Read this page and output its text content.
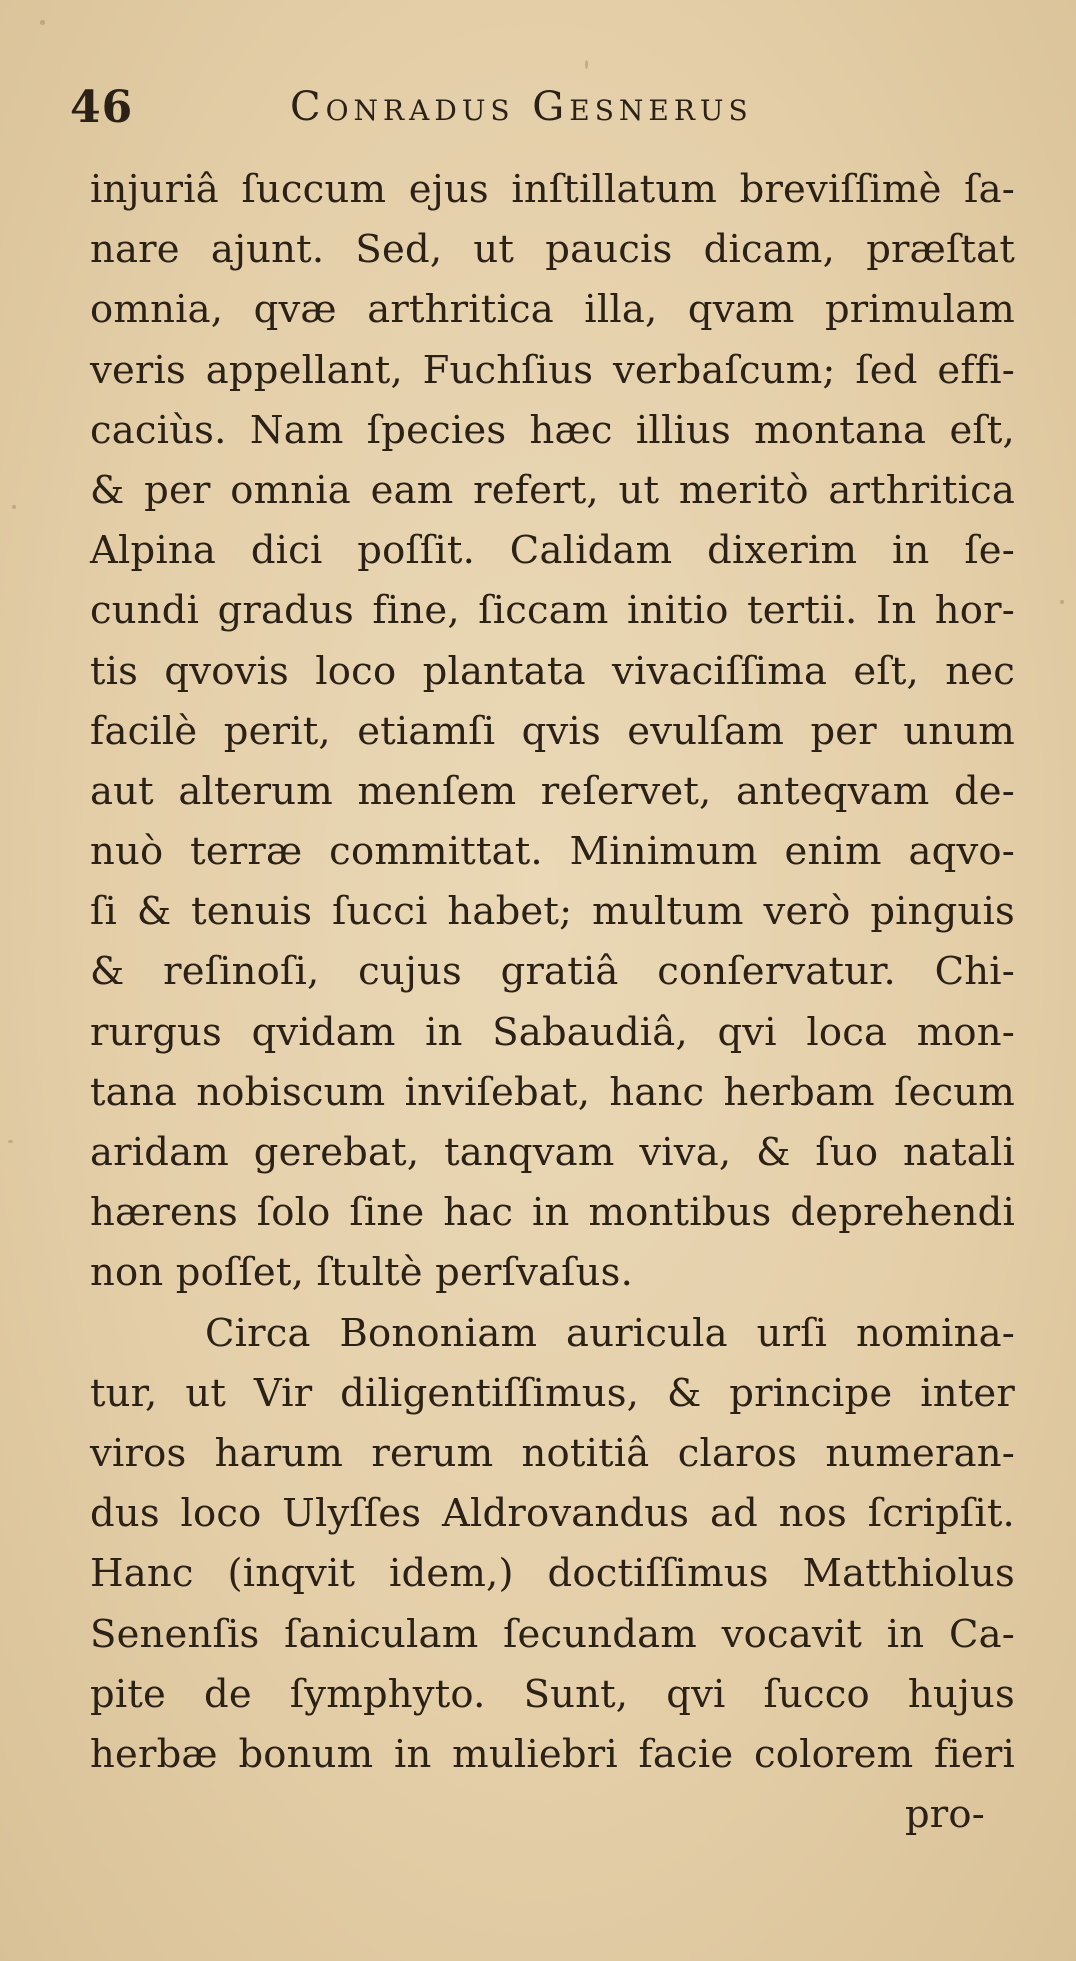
46	Conradus Gesnerus
injuriâ ſuccum ejus inſtillatum breviſſimè ſa-
nare ajunt. Sed, ut paucis dicam, præſtat
omnia, qvæ arthritica illa, qvam primulam
veris appellant, Fuchſius verbaſcum; ſed effi-
caciùs. Nam ſpecies hæc illius montana eſt,
& per omnia eam refert, ut meritò arthritica
Alpina dici poſſit. Calidam dixerim in ſe-
cundi gradus fine, ſiccam initio tertii. In hor-
tis qvovis loco plantata vivaciſſima eſt, nec
facilè perit, etiamſi qvis evulſam per unum
aut alterum menſem reſervet, anteqvam de-
nuò terræ committat. Minimum enim aqvo-
ſi & tenuis ſucci habet; multum verò pinguis
& reſinoſi, cujus gratiâ conſervatur. Chi-
rurgus qvidam in Sabaudiâ, qvi loca mon-
tana nobiscum inviſebat, hanc herbam ſecum
aridam gerebat, tanqvam viva, & ſuo natali
hærens ſolo ſine hac in montibus deprehendi
non poſſet, ſtultè perſvaſus.
Circa Bononiam auricula urſi nomina-
tur, ut Vir diligentiſſimus, & principe inter
viros harum rerum notitiâ claros numeran-
dus loco Ulyſſes Aldrovandus ad nos ſcripſit.
Hanc (inqvit idem,) doctiſſimus Matthiolus
Senenſis ſaniculam ſecundam vocavit in Ca-
pite de ſymphyto. Sunt, qvi ſucco hujus
herbæ bonum in muliebri facie colorem fieri
pro-
